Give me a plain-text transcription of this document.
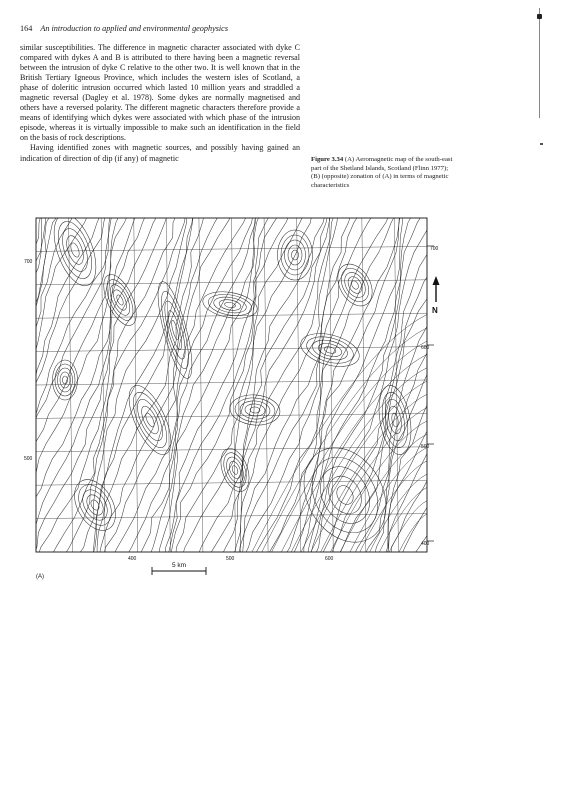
164 An introduction to applied and environmental geophysics

similar susceptibilities. The difference in magnetic character associated with dyke C compared with dykes A and B is attributed to there having been a magnetic reversal between the intrusion of dyke C relative to the other two. It is well known that in the British Tertiary Igneous Province, which includes the western isles of Scotland, a phase of doleritic intrusion occurred which lasted 10 million years and straddled a magnetic reversal (Dagley et al. 1978). Some dykes are normally magnetised and others have a reversed polarity. The different magnetic characters therefore provide a means of identifying which dykes were associated with which phase of the intrusion episode, whereas it is virtually impossible to make such an identification in the field on the basis of rock descriptions.

Having identified zones with magnetic sources, and possibly having gained an indication of direction of dip (if any) of magnetic	Figure 3.34 (A) Aeromagnetic map of the south-east part of the Shetland Islands, Scotland (Flinn 1977); (B) (opposite) zonation of (A) in terms of magnetic characteristics
700
500
700
600
500
400
400	500	600
N
5 km
(A)
